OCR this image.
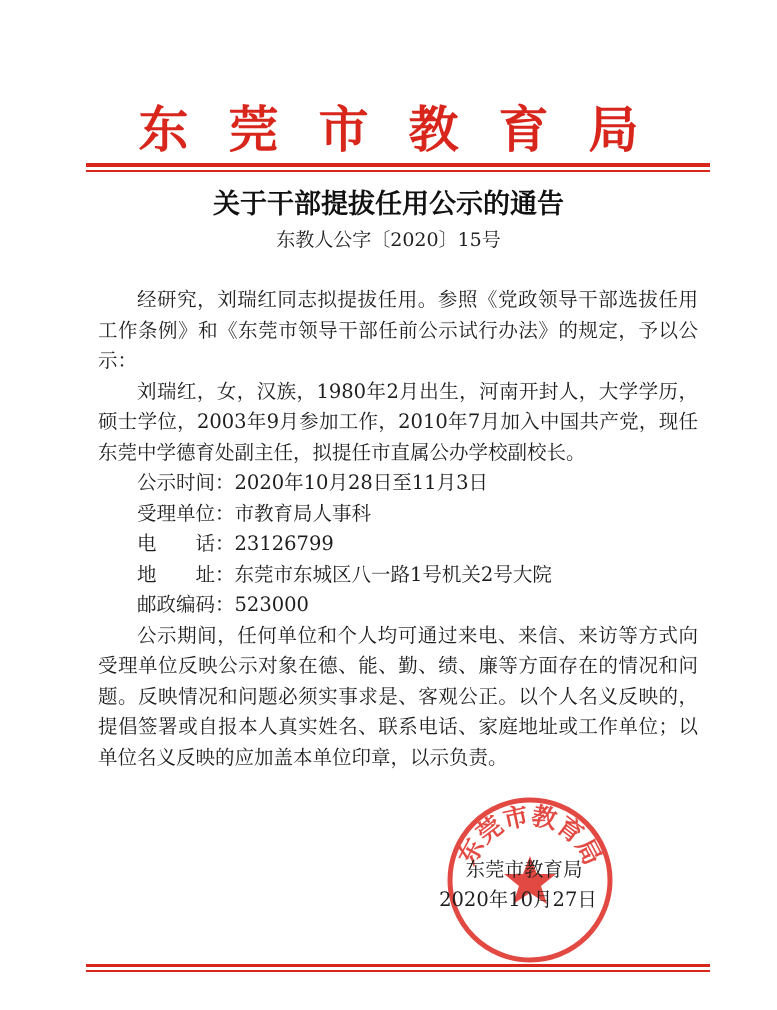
东莞市教育局
关于干部提拔任用公示的通告
东教人公字〔2020〕15号

经研究，刘瑞红同志拟提拔任用。参照《党政领导干部选拔任用工作条例》和《东莞市领导干部任前公示试行办法》的规定，予以公示：

刘瑞红，女，汉族，1980年2月出生，河南开封人，大学学历，硕士学位，2003年9月参加工作，2010年7月加入中国共产党，现任东莞中学德育处副主任，拟提任市直属公办学校副校长。

公示时间：2020年10月28日至11月3日
受理单位：市教育局人事科
电　　话：23126799
地　　址：东莞市东城区八一路1号机关2号大院
邮政编码：523000

公示期间，任何单位和个人均可通过来电、来信、来访等方式向受理单位反映公示对象在德、能、勤、绩、廉等方面存在的情况和问题。反映情况和问题必须实事求是、客观公正。以个人名义反映的，提倡签署或自报本人真实姓名、联系电话、家庭地址或工作单位；以单位名义反映的应加盖本单位印章，以示负责。

东莞市教育局
东莞市教育局
2020年10月27日
